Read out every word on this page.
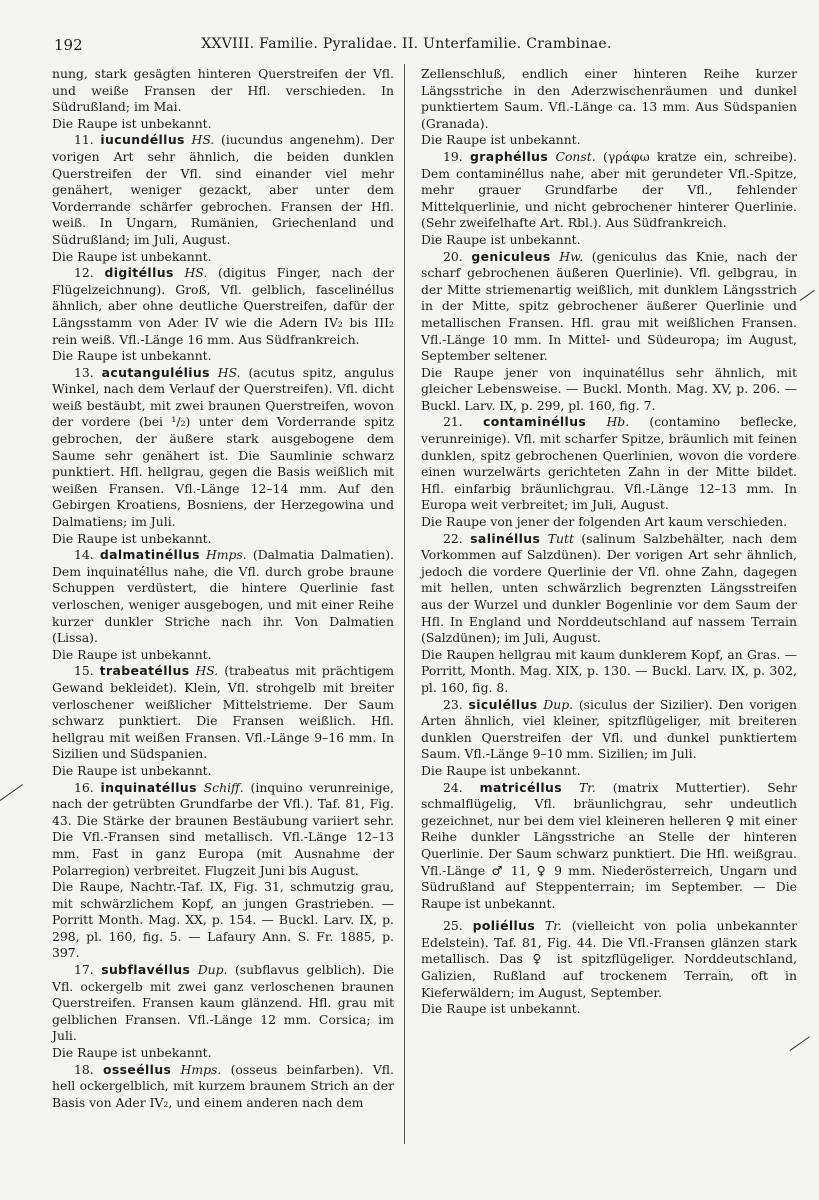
192	XXVIII. Familie. Pyralidae. II. Unterfamilie. Crambinae.

nung, stark gesägten hinteren Querstreifen der Vfl. und weiße Fransen der Hfl. verschieden. In Südrußland; im Mai.

Die Raupe ist unbekannt.

11. iucundéllus HS. (iucundus angenehm). Der vorigen Art sehr ähnlich, die beiden dunklen Querstreifen der Vfl. sind einander viel mehr genähert, weniger gezackt, aber unter dem Vorderrande schärfer gebrochen. Fransen der Hfl. weiß. In Ungarn, Rumänien, Griechenland und Südrußland; im Juli, August.

Die Raupe ist unbekannt.

12. digitéllus HS. (digitus Finger, nach der Flügelzeichnung). Groß, Vfl. gelblich, fascelinéllus ähnlich, aber ohne deutliche Querstreifen, dafür der Längsstamm von Ader IV wie die Adern IV₂ bis III₂ rein weiß. Vfl.-Länge 16 mm. Aus Südfrankreich.

Die Raupe ist unbekannt.

13. acutangulélius HS. (acutus spitz, angulus Winkel, nach dem Verlauf der Querstreifen). Vfl. dicht weiß bestäubt, mit zwei braunen Querstreifen, wovon der vordere (bei ¹/₂) unter dem Vorderrande spitz gebrochen, der äußere stark ausgebogene dem Saume sehr genähert ist. Die Saumlinie schwarz punktiert. Hfl. hellgrau, gegen die Basis weißlich mit weißen Fransen. Vfl.-Länge 12–14 mm. Auf den Gebirgen Kroatiens, Bosniens, der Herzegowina und Dalmatiens; im Juli.

Die Raupe ist unbekannt.

14. dalmatinéllus Hmps. (Dalmatia Dalmatien). Dem inquinatéllus nahe, die Vfl. durch grobe braune Schuppen verdüstert, die hintere Querlinie fast verloschen, weniger ausgebogen, und mit einer Reihe kurzer dunkler Striche nach ihr. Von Dalmatien (Lissa).

Die Raupe ist unbekannt.

15. trabeatéllus HS. (trabeatus mit prächtigem Gewand bekleidet). Klein, Vfl. strohgelb mit breiter verloschener weißlicher Mittelstrieme. Der Saum schwarz punktiert. Die Fransen weißlich. Hfl. hellgrau mit weißen Fransen. Vfl.-Länge 9–16 mm. In Sizilien und Südspanien.

Die Raupe ist unbekannt.

16. inquinatéllus Schiff. (inquino verunreinige, nach der getrübten Grundfarbe der Vfl.). Taf. 81, Fig. 43. Die Stärke der braunen Bestäubung variiert sehr. Die Vfl.-Fransen sind metallisch. Vfl.-Länge 12–13 mm. Fast in ganz Europa (mit Ausnahme der Polarregion) verbreitet. Flugzeit Juni bis August.

Die Raupe, Nachtr.-Taf. IX, Fig. 31, schmutzig grau, mit schwärzlichem Kopf, an jungen Grastrieben. — Porritt Month. Mag. XX, p. 154. — Buckl. Larv. IX, p. 298, pl. 160, fig. 5. — Lafaury Ann. S. Fr. 1885, p. 397.

17. subflavéllus Dup. (subflavus gelblich). Die Vfl. ockergelb mit zwei ganz verloschenen braunen Querstreifen. Fransen kaum glänzend. Hfl. grau mit gelblichen Fransen. Vfl.-Länge 12 mm. Corsica; im Juli.

Die Raupe ist unbekannt.

18. osseéllus Hmps. (osseus beinfarben). Vfl. hell ockergelblich, mit kurzem braunem Strich an der Basis von Ader IV₂, und einem anderen nach dem

Zellenschluß, endlich einer hinteren Reihe kurzer Längsstriche in den Aderzwischenräumen und dunkel punktiertem Saum. Vfl.-Länge ca. 13 mm. Aus Südspanien (Granada).

Die Raupe ist unbekannt.

19. graphéllus Const. (γράφω kratze ein, schreibe). Dem contaminéllus nahe, aber mit gerundeter Vfl.-Spitze, mehr grauer Grundfarbe der Vfl., fehlender Mittelquerlinie, und nicht gebrochener hinterer Querlinie. (Sehr zweifelhafte Art. Rbl.). Aus Südfrankreich.

Die Raupe ist unbekannt.

20. geniculeus Hw. (geniculus das Knie, nach der scharf gebrochenen äußeren Querlinie). Vfl. gelbgrau, in der Mitte striemenartig weißlich, mit dunklem Längsstrich in der Mitte, spitz gebrochener äußerer Querlinie und metallischen Fransen. Hfl. grau mit weißlichen Fransen. Vfl.-Länge 10 mm. In Mittel- und Südeuropa; im August, September seltener.

Die Raupe jener von inquinatéllus sehr ähnlich, mit gleicher Lebensweise. — Buckl. Month. Mag. XV, p. 206. — Buckl. Larv. IX, p. 299, pl. 160, fig. 7.

21. contaminéllus Hb. (contamino beflecke, verunreinige). Vfl. mit scharfer Spitze, bräunlich mit feinen dunklen, spitz gebrochenen Querlinien, wovon die vordere einen wurzelwärts gerichteten Zahn in der Mitte bildet. Hfl. einfarbig bräunlichgrau. Vfl.-Länge 12–13 mm. In Europa weit verbreitet; im Juli, August.

Die Raupe von jener der folgenden Art kaum verschieden.

22. salinéllus Tutt (salinum Salzbehälter, nach dem Vorkommen auf Salzdünen). Der vorigen Art sehr ähnlich, jedoch die vordere Querlinie der Vfl. ohne Zahn, dagegen mit hellen, unten schwärzlich begrenzten Längsstreifen aus der Wurzel und dunkler Bogenlinie vor dem Saum der Hfl. In England und Norddeutschland auf nassem Terrain (Salzdünen); im Juli, August.

Die Raupen hellgrau mit kaum dunklerem Kopf, an Gras. — Porritt, Month. Mag. XIX, p. 130. — Buckl. Larv. IX, p. 302, pl. 160, fig. 8.

23. siculéllus Dup. (siculus der Sizilier). Den vorigen Arten ähnlich, viel kleiner, spitzflügeliger, mit breiteren dunklen Querstreifen der Vfl. und dunkel punktiertem Saum. Vfl.-Länge 9–10 mm. Sizilien; im Juli.

Die Raupe ist unbekannt.

24. matricéllus Tr. (matrix Muttertier). Sehr schmalflügelig, Vfl. bräunlichgrau, sehr undeutlich gezeichnet, nur bei dem viel kleineren helleren ♀ mit einer Reihe dunkler Längsstriche an Stelle der hinteren Querlinie. Der Saum schwarz punktiert. Die Hfl. weißgrau. Vfl.-Länge ♂ 11, ♀ 9 mm. Niederösterreich, Ungarn und Südrußland auf Steppenterrain; im September. — Die Raupe ist unbekannt.

25. poliéllus Tr. (vielleicht von polia unbekannter Edelstein). Taf. 81, Fig. 44. Die Vfl.-Fransen glänzen stark metallisch. Das ♀ ist spitzflügeliger. Norddeutschland, Galizien, Rußland auf trockenem Terrain, oft in Kieferwäldern; im August, September.

Die Raupe ist unbekannt.
